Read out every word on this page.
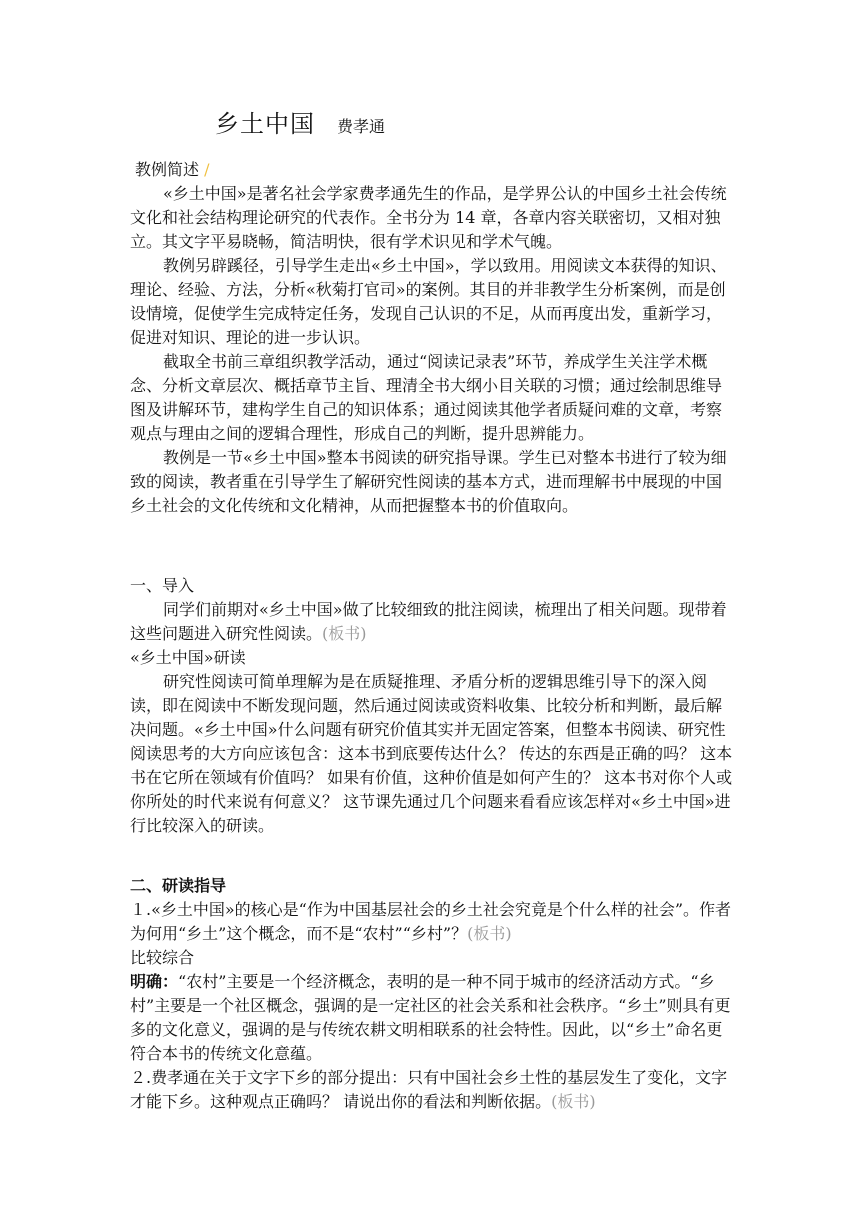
乡土中国 费孝通
教例简述 /

«乡土中国»是著名社会学家费孝通先生的作品，是学界公认的中国乡土社会传统文化和社会结构理论研究的代表作。全书分为 14 章，各章内容关联密切，又相对独立。其文字平易晓畅，简洁明快，很有学术识见和学术气魄。

教例另辟蹊径，引导学生走出«乡土中国»，学以致用。用阅读文本获得的知识、理论、经验、方法，分析«秋菊打官司»的案例。其目的并非教学生分析案例，而是创设情境，促使学生完成特定任务，发现自己认识的不足，从而再度出发，重新学习，促进对知识、理论的进一步认识。

截取全书前三章组织教学活动，通过“阅读记录表”环节，养成学生关注学术概念、分析文章层次、概括章节主旨、理清全书大纲小目关联的习惯；通过绘制思维导图及讲解环节，建构学生自己的知识体系；通过阅读其他学者质疑问难的文章，考察观点与理由之间的逻辑合理性，形成自己的判断，提升思辨能力。

教例是一节«乡土中国»整本书阅读的研究指导课。学生已对整本书进行了较为细致的阅读，教者重在引导学生了解研究性阅读的基本方式，进而理解书中展现的中国乡土社会的文化传统和文化精神，从而把握整本书的价值取向。

一、导入

同学们前期对«乡土中国»做了比较细致的批注阅读，梳理出了相关问题。现带着这些问题进入研究性阅读。(板书)

«乡土中国»研读

研究性阅读可简单理解为是在质疑推理、矛盾分析的逻辑思维引导下的深入阅读，即在阅读中不断发现问题，然后通过阅读或资料收集、比较分析和判断，最后解决问题。«乡土中国»什么问题有研究价值其实并无固定答案，但整本书阅读、研究性阅读思考的大方向应该包含：这本书到底要传达什么？ 传达的东西是正确的吗？ 这本书在它所在领域有价值吗？ 如果有价值，这种价值是如何产生的？ 这本书对你个人或你所处的时代来说有何意义？ 这节课先通过几个问题来看看应该怎样对«乡土中国»进行比较深入的研读。

二、研读指导

１.«乡土中国»的核心是“作为中国基层社会的乡土社会究竟是个什么样的社会”。作者为何用“乡土”这个概念，而不是“农村”“乡村”？(板书)

比较综合

明确：“农村”主要是一个经济概念，表明的是一种不同于城市的经济活动方式。“乡村”主要是一个社区概念，强调的是一定社区的社会关系和社会秩序。“乡土”则具有更多的文化意义，强调的是与传统农耕文明相联系的社会特性。因此，以“乡土”命名更符合本书的传统文化意蕴。

２.费孝通在关于文字下乡的部分提出：只有中国社会乡土性的基层发生了变化，文字才能下乡。这种观点正确吗？ 请说出你的看法和判断依据。(板书)
